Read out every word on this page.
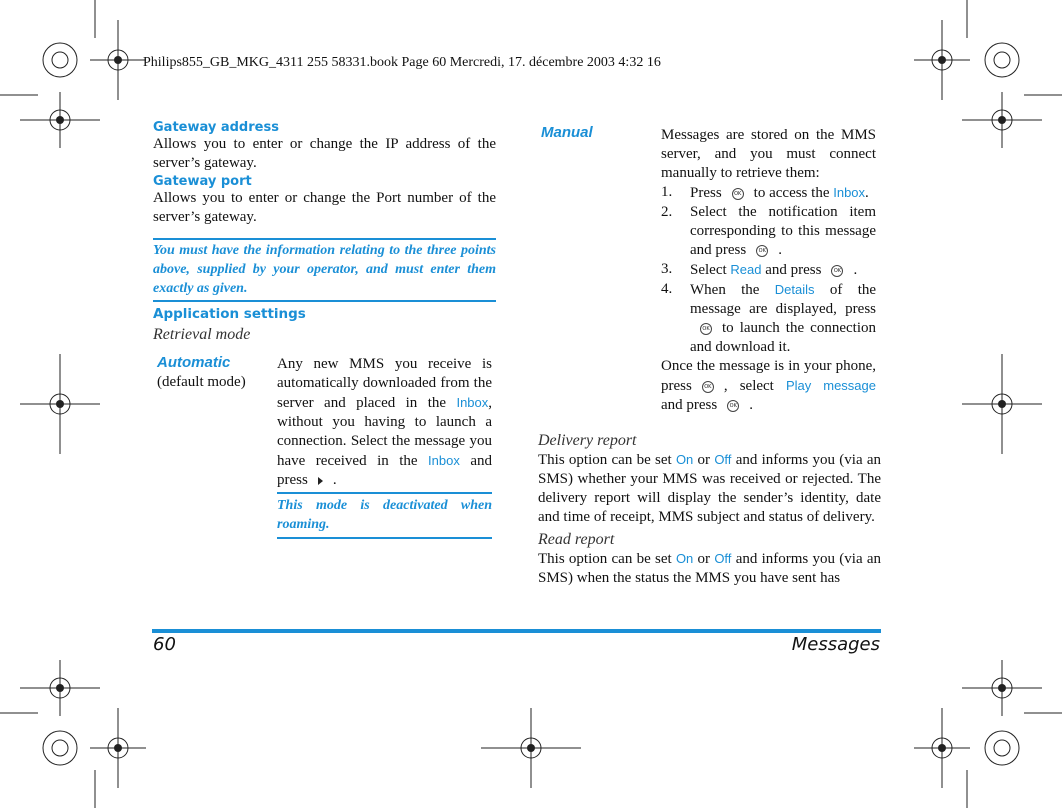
Philips855_GB_MKG_4311 255 58331.book Page 60 Mercredi, 17. décembre 2003 4:32 16
Gateway address
Allows you to enter or change the IP address of the server’s gateway.
Gateway port
Allows you to enter or change the Port number of the server’s gateway.
You must have the information relating to the three points above, supplied by your operator, and must enter them exactly as given.
Application settings
Retrieval mode
Automatic
(default mode)
Any new MMS you receive is automatically downloaded from the server and placed in the Inbox, without you having to launch a connection. Select the message you have received in the Inbox and press .
This mode is deactivated when roaming.
Manual	Messages are stored on the MMS server, and you must connect manually to retrieve them:
1. Press OK to access the Inbox.
2. Select the notification item corresponding to this message and press OK .
3. Select Read and press OK .
4. When the Details of the message are displayed, pressOK to launch the connection and download it.
Once the message is in your phone, press OK , select Play message and press OK .
Delivery report
This option can be set On or Off and informs you (via an SMS) whether your MMS was received or rejected. The delivery report will display the sender’s identity, date and time of receipt, MMS subject and status of delivery.
Read report
This option can be set On or Off and informs you (via an SMS) when the status the MMS you have sent has
60	Messages
